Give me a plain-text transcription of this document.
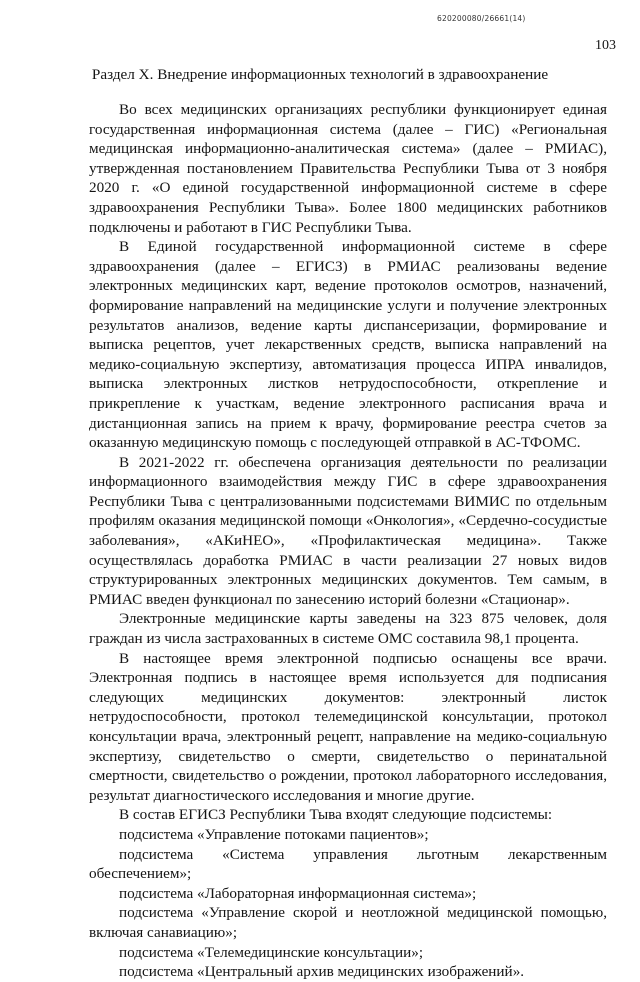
620200080/26661(14)
103
Раздел X. Внедрение информационных технологий в здравоохранение

Во всех медицинских организациях республики функционирует единая государственная информационная система (далее – ГИС) «Региональная медицинская информационно-аналитическая система» (далее – РМИАС), утвержденная постановлением Правительства Республики Тыва от 3 ноября 2020 г. «О единой государственной информационной системе в сфере здравоохранения Республики Тыва». Более 1800 медицинских работников подключены и работают в ГИС Республики Тыва.

В Единой государственной информационной системе в сфере здравоохранения (далее – ЕГИСЗ) в РМИАС реализованы ведение электронных медицинских карт, ведение протоколов осмотров, назначений, формирование направлений на медицинские услуги и получение электронных результатов анализов, ведение карты диспансеризации, формирование и выписка рецептов, учет лекарственных средств, выписка направлений на медико-социальную экспертизу, автоматизация процесса ИПРА инвалидов, выписка электронных листков нетрудоспособности, открепление и прикрепление к участкам, ведение электронного расписания врача и дистанционная запись на прием к врачу, формирование реестра счетов за оказанную медицинскую помощь с последующей отправкой в АС-ТФОМС.

В 2021-2022 гг. обеспечена организация деятельности по реализации информационного взаимодействия между ГИС в сфере здравоохранения Республики Тыва с централизованными подсистемами ВИМИС по отдельным профилям оказания медицинской помощи «Онкология», «Сердечно-сосудистые заболевания», «АКиНЕО», «Профилактическая медицина». Также осуществлялась доработка РМИАС в части реализации 27 новых видов структурированных электронных медицинских документов. Тем самым, в РМИАС введен функционал по занесению историй болезни «Стационар».

Электронные медицинские карты заведены на 323 875 человек, доля граждан из числа застрахованных в системе ОМС составила 98,1 процента.

В настоящее время электронной подписью оснащены все врачи. Электронная подпись в настоящее время используется для подписания следующих медицинских документов: электронный листок нетрудоспособности, протокол телемедицинской консультации, протокол консультации врача, электронный рецепт, направление на медико-социальную экспертизу, свидетельство о смерти, свидетельство о перинатальной смертности, свидетельство о рождении, протокол лабораторного исследования, результат диагностического исследования и многие другие.

В состав ЕГИСЗ Республики Тыва входят следующие подсистемы:

подсистема «Управление потоками пациентов»;

подсистема «Система управления льготным лекарственным обеспечением»;

подсистема «Лабораторная информационная система»;

подсистема «Управление скорой и неотложной медицинской помощью, включая санавиацию»;

подсистема «Телемедицинские консультации»;

подсистема «Центральный архив медицинских изображений».
